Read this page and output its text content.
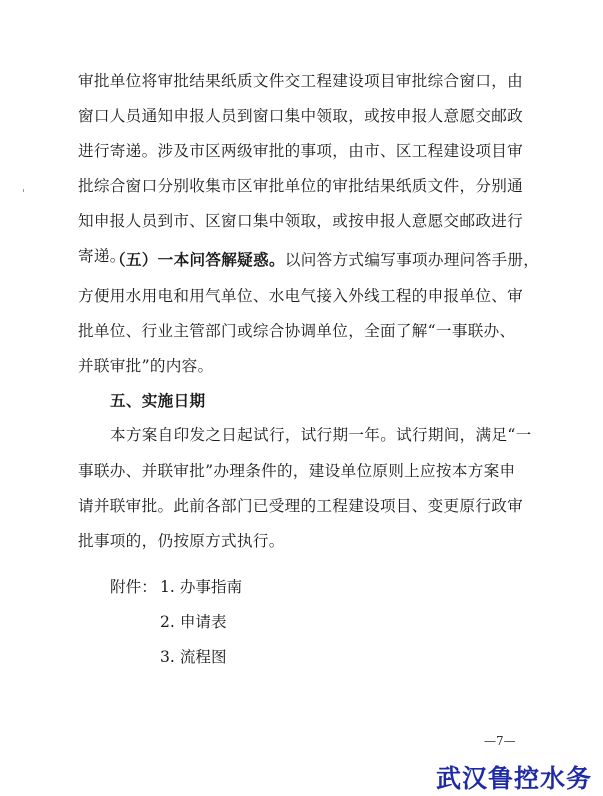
审批单位将审批结果纸质文件交工程建设项目审批综合窗口，由
窗口人员通知申报人员到窗口集中领取，或按申报人意愿交邮政
进行寄递。涉及市区两级审批的事项，由市、区工程建设项目审
批综合窗口分别收集市区审批单位的审批结果纸质文件，分别通
知申报人员到市、区窗口集中领取，或按申报人意愿交邮政进行
寄递。
（五）一本问答解疑惑。以问答方式编写事项办理问答手册，
方便用水用电和用气单位、水电气接入外线工程的申报单位、审
批单位、行业主管部门或综合协调单位，全面了解“一事联办、
并联审批”的内容。
五、实施日期
本方案自印发之日起试行，试行期一年。试行期间，满足“一
事联办、并联审批”办理条件的，建设单位原则上应按本方案申
请并联审批。此前各部门已受理的工程建设项目、变更原行政审
批事项的，仍按原方式执行。
附件： 1. 办事指南
2. 申请表
3. 流程图
'
—7—
武汉鲁控水务
